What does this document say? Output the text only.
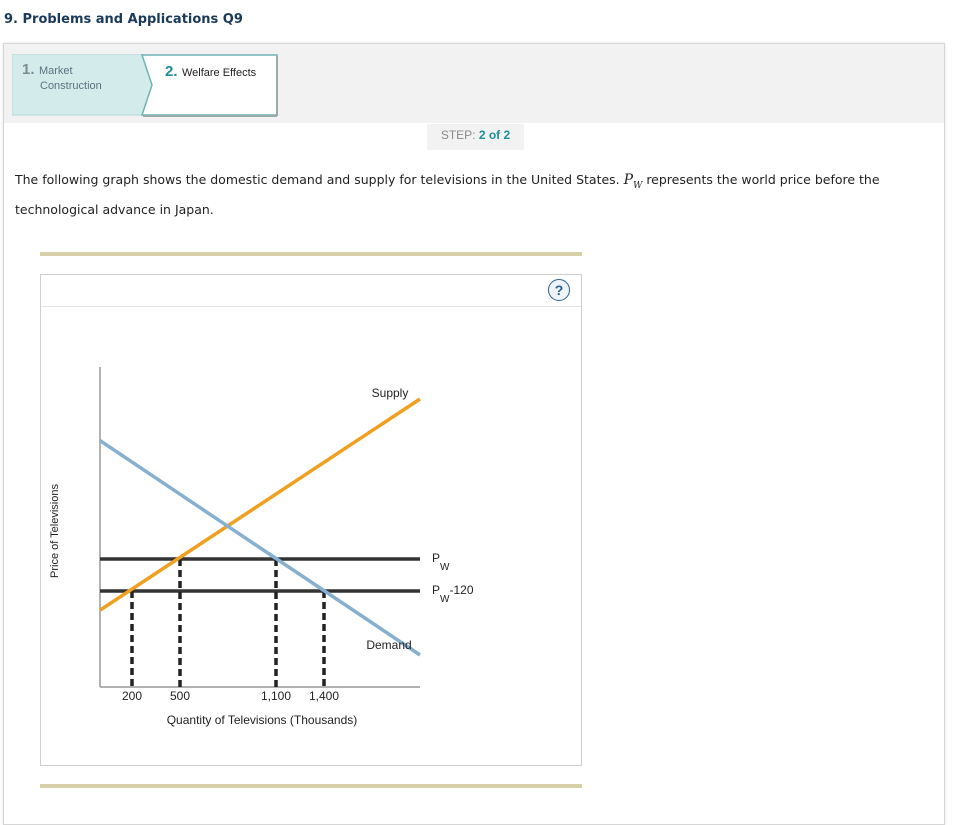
9. Problems and Applications Q9
1. Market
Construction
2. Welfare Effects
STEP: 2 of 2
The following graph shows the domestic demand and supply for televisions in the United States. $P_W$ represents the world price before the technological advance in Japan.
?
$P_W$
$P_W-120$
Supply
Demand
200 500	1,100 1,400
Price of Televisions
Quantity of Televisions (Thousands)
